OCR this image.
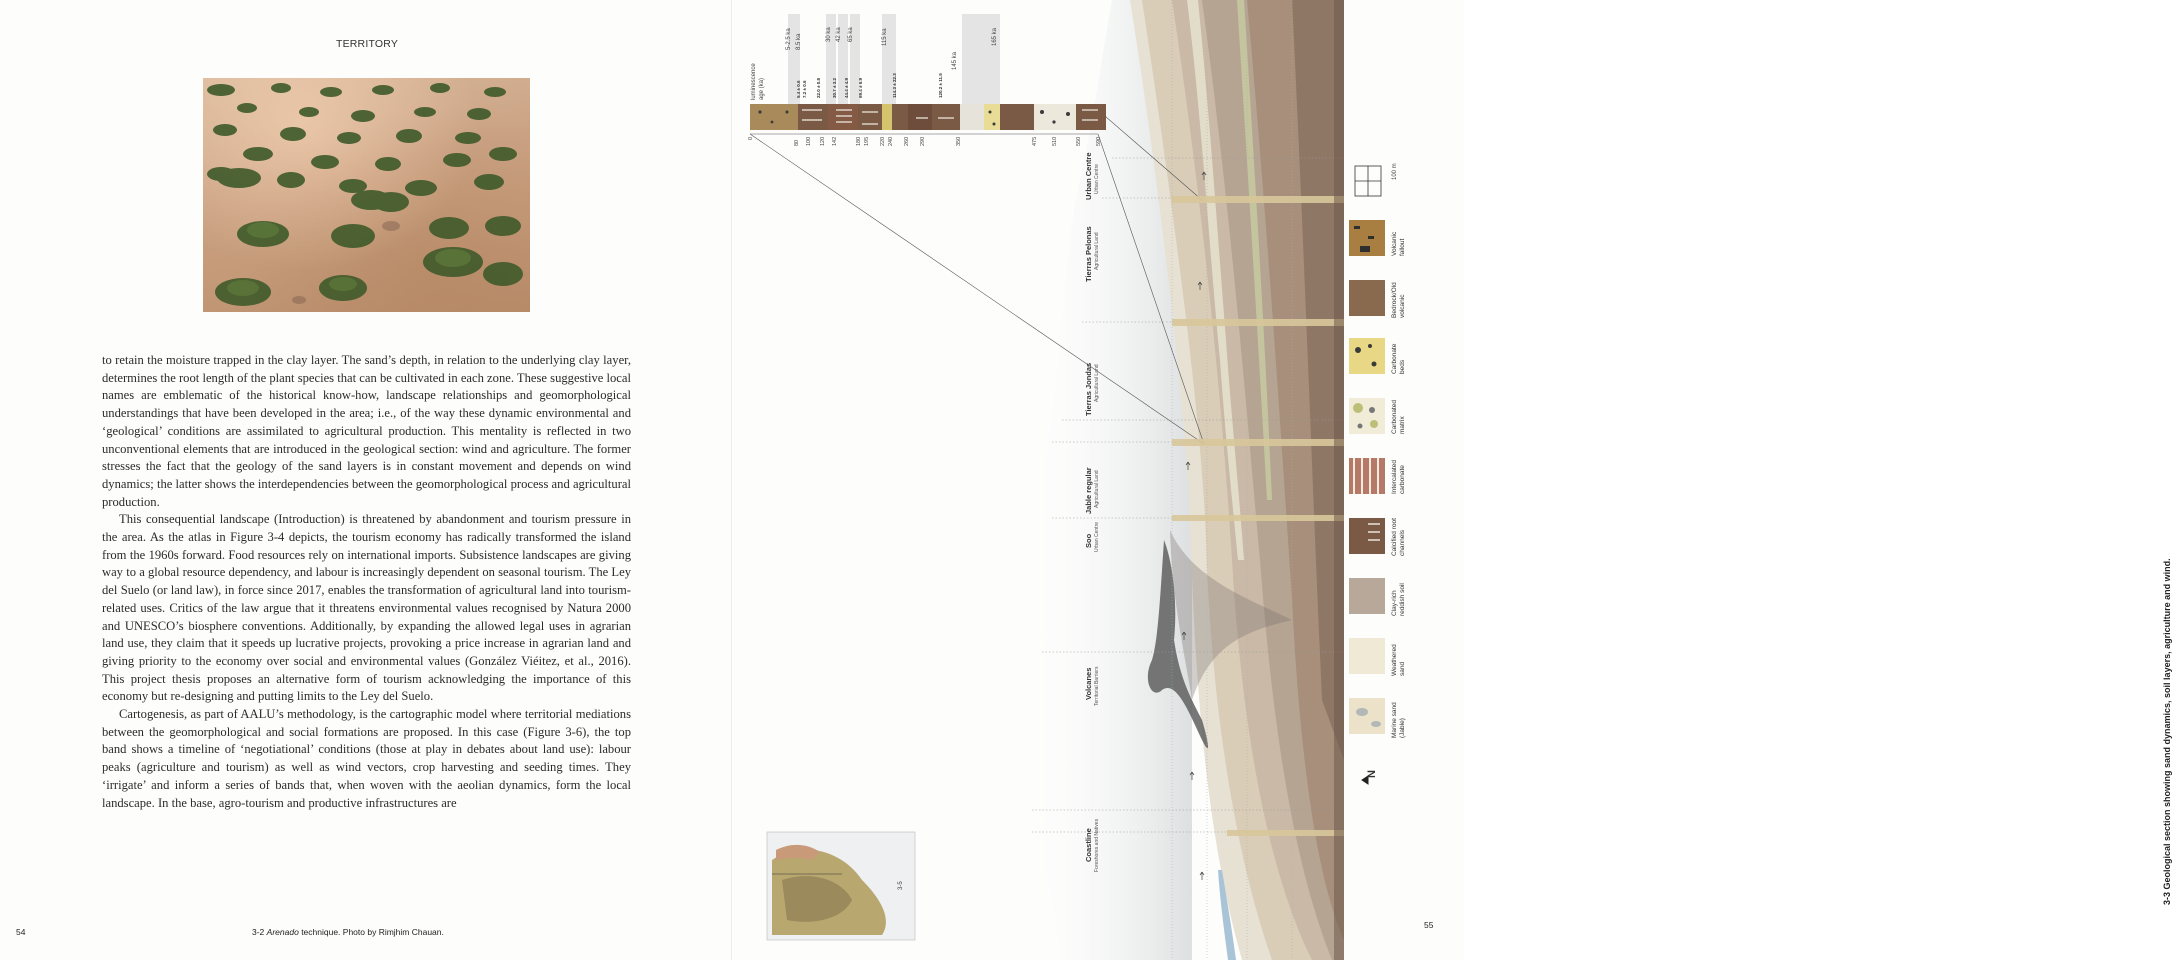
TERRITORY

to retain the moisture trapped in the clay layer. The sand’s depth, in relation to the underlying clay layer, determines the root length of the plant species that can be cultivated in each zone. These suggestive local names are emblematic of the historical know-how, landscape relationships and geomorphological understandings that have been developed in the area; i.e., of the way these dynamic environmental and ‘geological’ conditions are assimilated to agricultural production. This mentality is reflected in two unconventional elements that are introduced in the geological section: wind and agriculture. The former stresses the fact that the geology of the sand layers is in constant movement and depends on wind dynamics; the latter shows the interdependencies between the geomorphological process and agricultural production.

This consequential landscape (Introduction) is threatened by abandonment and tourism pressure in the area. As the atlas in Figure 3-4 depicts, the tourism economy has radically transformed the island from the 1960s forward. Food resources rely on international imports. Subsistence landscapes are giving way to a global resource dependency, and labour is increasingly dependent on seasonal tourism. The Ley del Suelo (or land law), in force since 2017, enables the transformation of agricultural land into tourism-related uses. Critics of the law argue that it threatens environmental values recognised by Natura 2000 and UNESCO’s biosphere conventions. Additionally, by expanding the allowed legal uses in agrarian land use, they claim that it speeds up lucrative projects, provoking a price increase in agrarian land and giving priority to the economy over social and environmental values (González Viéitez, et al., 2016). This project thesis proposes an alternative form of tourism acknowledging the importance of this economy but re-designing and putting limits to the Ley del Suelo.

Cartogenesis, as part of AALU’s methodology, is the cartographic model where territorial mediations between the geomorphological and social formations are proposed. In this case (Figure 3-6), the top band shows a timeline of ‘negotiational’ conditions (those at play in debates about land use): labour peaks (agriculture and tourism) as well as wind vectors, crop harvesting and seeding times. They ‘irrigate’ and inform a series of bands that, when woven with the aeolian dynamics, form the local landscape. In the base, agro-tourism and productive infrastructures are

54	3-2 Arenado technique. Photo by Rimjhim Chauan.
Urban Centre Urban Centre
Tierras Pelonas Agricultural Land
Tierras Jondas Agricultural Land
Jable regular Agricultural Land
Soo Urban Centre
Volcanes Territorial Barriers
Coastline Foreshores and Natives
luminescence age (ka)
5-2.5 ka 8.5 ka	30 ka 42 ka 65 ka	115 ka
145 ka
165 ka
5.4 ± 0.6 7.2 ± 0.6 22.0 ± 0.8 30.7 ± 3.2 44.4 ± 4.9 69.4 ± 6.9	114.3 ± 22.3	120.2 ± 11.5
0
80 100 120 142	180 195 220 240 260 290	350	475	510	550	590
Volcanic fallout
Bedrock/Old volcanic
Carbonate beds
Carbonated matrix
Intercalated carbonate
Calcified root channels
Clay-rich reddish soil
Weathered sand
Marine sand (Jable)
100 m
N
3-5	3-3 Geological section showing sand dynamics, soil layers, agriculture and wind.
55
